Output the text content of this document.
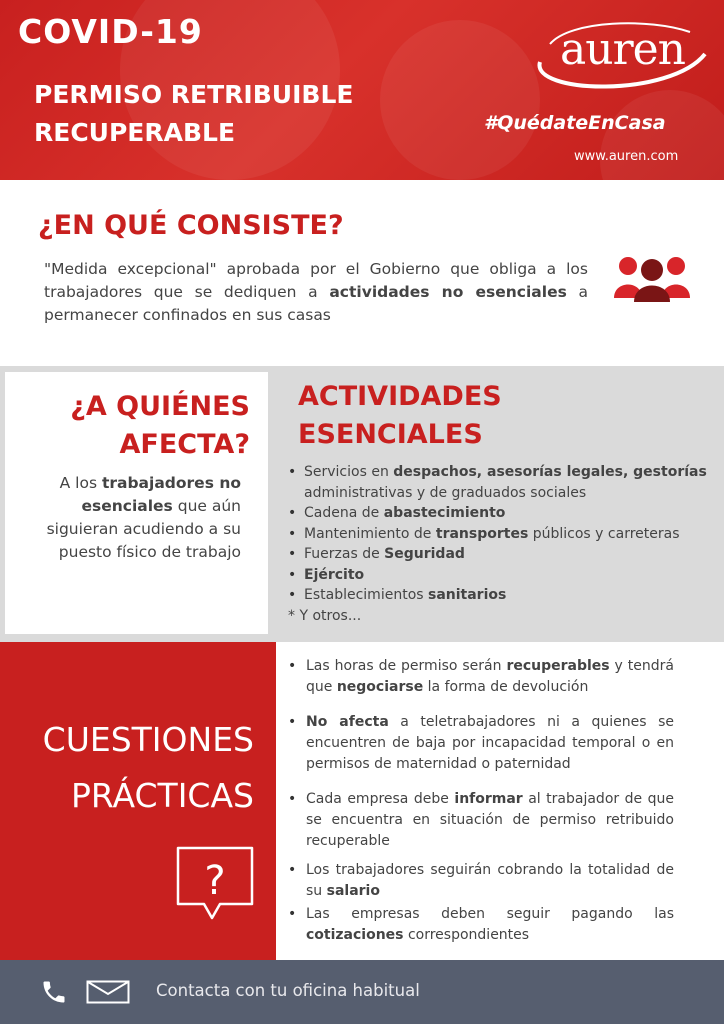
COVID-19
PERMISO RETRIBUIBLE
RECUPERABLE
auren
#QuédateEnCasa
www.auren.com
¿EN QUÉ CONSISTE?

"Medida excepcional" aprobada por el Gobierno que obliga a los trabajadores que se dediquen a actividades no esenciales a permanecer confinados en sus casas

¿A QUIÉNES
AFECTA?

A los trabajadores no esenciales que aún siguieran acudiendo a su puesto físico de trabajo

ACTIVIDADES
ESENCIALES
• Servicios en despachos, asesorías legales, gestorías administrativas y de graduados sociales
• Cadena de abastecimiento
• Mantenimiento de transportes públicos y carreteras
• Fuerzas de Seguridad
• Ejército
• Establecimientos sanitarios
* Y otros...
CUESTIONES
PRÁCTICAS
?
• Las horas de permiso serán recuperables y tendrá que negociarse la forma de devolución
• No afecta a teletrabajadores ni a quienes se encuentren de baja por incapacidad temporal o en permisos de maternidad o paternidad
• Cada empresa debe informar al trabajador de que se encuentra en situación de permiso retribuido recuperable
• Los trabajadores seguirán cobrando la totalidad de su salario
• Las empresas deben seguir pagando las cotizaciones correspondientes
Contacta con tu oficina habitual
